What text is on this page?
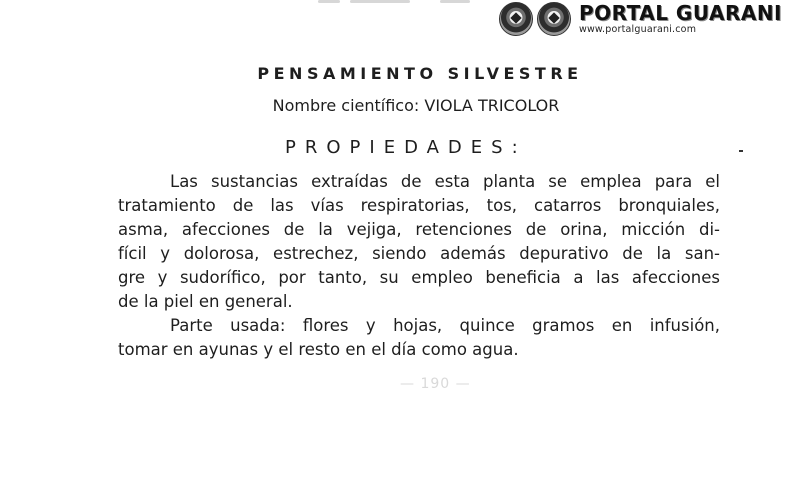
PORTAL GUARANI
www.portalguarani.com
PENSAMIENTO SILVESTRE
Nombre científico: VIOLA TRICOLOR
PROPIEDADES:
Las sustancias extraídas de esta planta se emplea para el
tratamiento de las vías respiratorias, tos, catarros bronquiales,
asma, afecciones de la vejiga, retenciones de orina, micción di-
fícil y dolorosa, estrechez, siendo además depurativo de la san-
gre y sudorífico, por tanto, su empleo beneficia a las afecciones
de la piel en general.
Parte usada: flores y hojas, quince gramos en infusión,
tomar en ayunas y el resto en el día como agua.
— 190 —
